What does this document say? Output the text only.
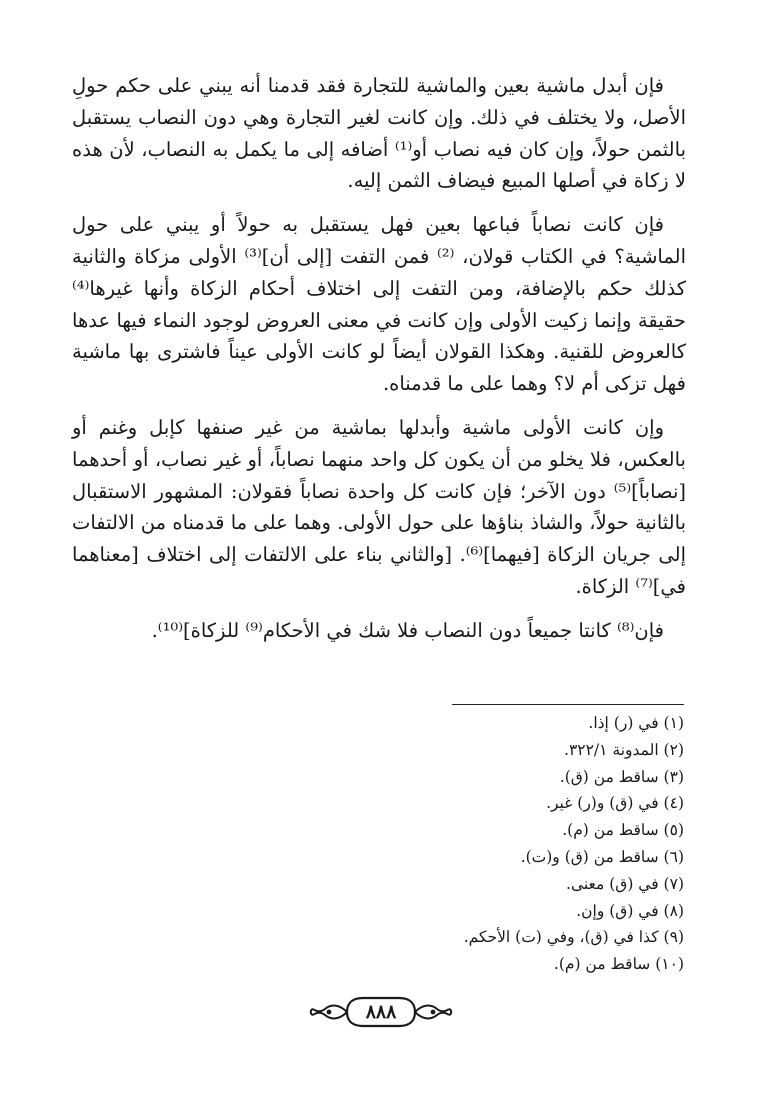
فإن أبدل ماشية بعين والماشية للتجارة فقد قدمنا أنه يبني على حكم حولِ الأصل، ولا يختلف في ذلك. وإن كانت لغير التجارة وهي دون النصاب يستقبل بالثمن حولاً، وإن كان فيه نصاب أو⁽¹⁾ أضافه إلى ما يكمل به النصاب، لأن هذه لا زكاة في أصلها المبيع فيضاف الثمن إليه.

فإن كانت نصاباً فباعها بعين فهل يستقبل به حولاً أو يبني على حول الماشية؟ في الكتاب قولان، ⁽²⁾ فمن التفت [إلى أن]⁽³⁾ الأولى مزكاة والثانية كذلك حكم بالإضافة، ومن التفت إلى اختلاف أحكام الزكاة وأنها غيرها⁽⁴⁾ حقيقة وإنما زكيت الأولى وإن كانت في معنى العروض لوجود النماء فيها عدها كالعروض للقنية. وهكذا القولان أيضاً لو كانت الأولى عيناً فاشترى بها ماشية فهل تزكى أم لا؟ وهما على ما قدمناه.

وإن كانت الأولى ماشية وأبدلها بماشية من غير صنفها كإبل وغنم أو بالعكس، فلا يخلو من أن يكون كل واحد منهما نصاباً، أو غير نصاب، أو أحدهما [نصاباً]⁽⁵⁾ دون الآخر؛ فإن كانت كل واحدة نصاباً فقولان: المشهور الاستقبال بالثانية حولاً، والشاذ بناؤها على حول الأولى. وهما على ما قدمناه من الالتفات إلى جريان الزكاة [فيهما]⁽⁶⁾. [والثاني بناء على الالتفات إلى اختلاف [معناهما في]⁽⁷⁾ الزكاة.

فإن⁽⁸⁾ كانتا جميعاً دون النصاب فلا شك في الأحكام⁽⁹⁾ للزكاة]⁽¹⁰⁾.

(١) في (ر) إذا.
(٢) المدونة ٣٢٢/١.
(٣) ساقط من (ق).
(٤) في (ق) و(ر) غير.
(٥) ساقط من (م).
(٦) ساقط من (ق) و(ت).
(٧) في (ق) معنى.
(٨) في (ق) وإن.
(٩) كذا في (ق)، وفي (ت) الأحكم.
(١٠) ساقط من (م).
٨٨٨
